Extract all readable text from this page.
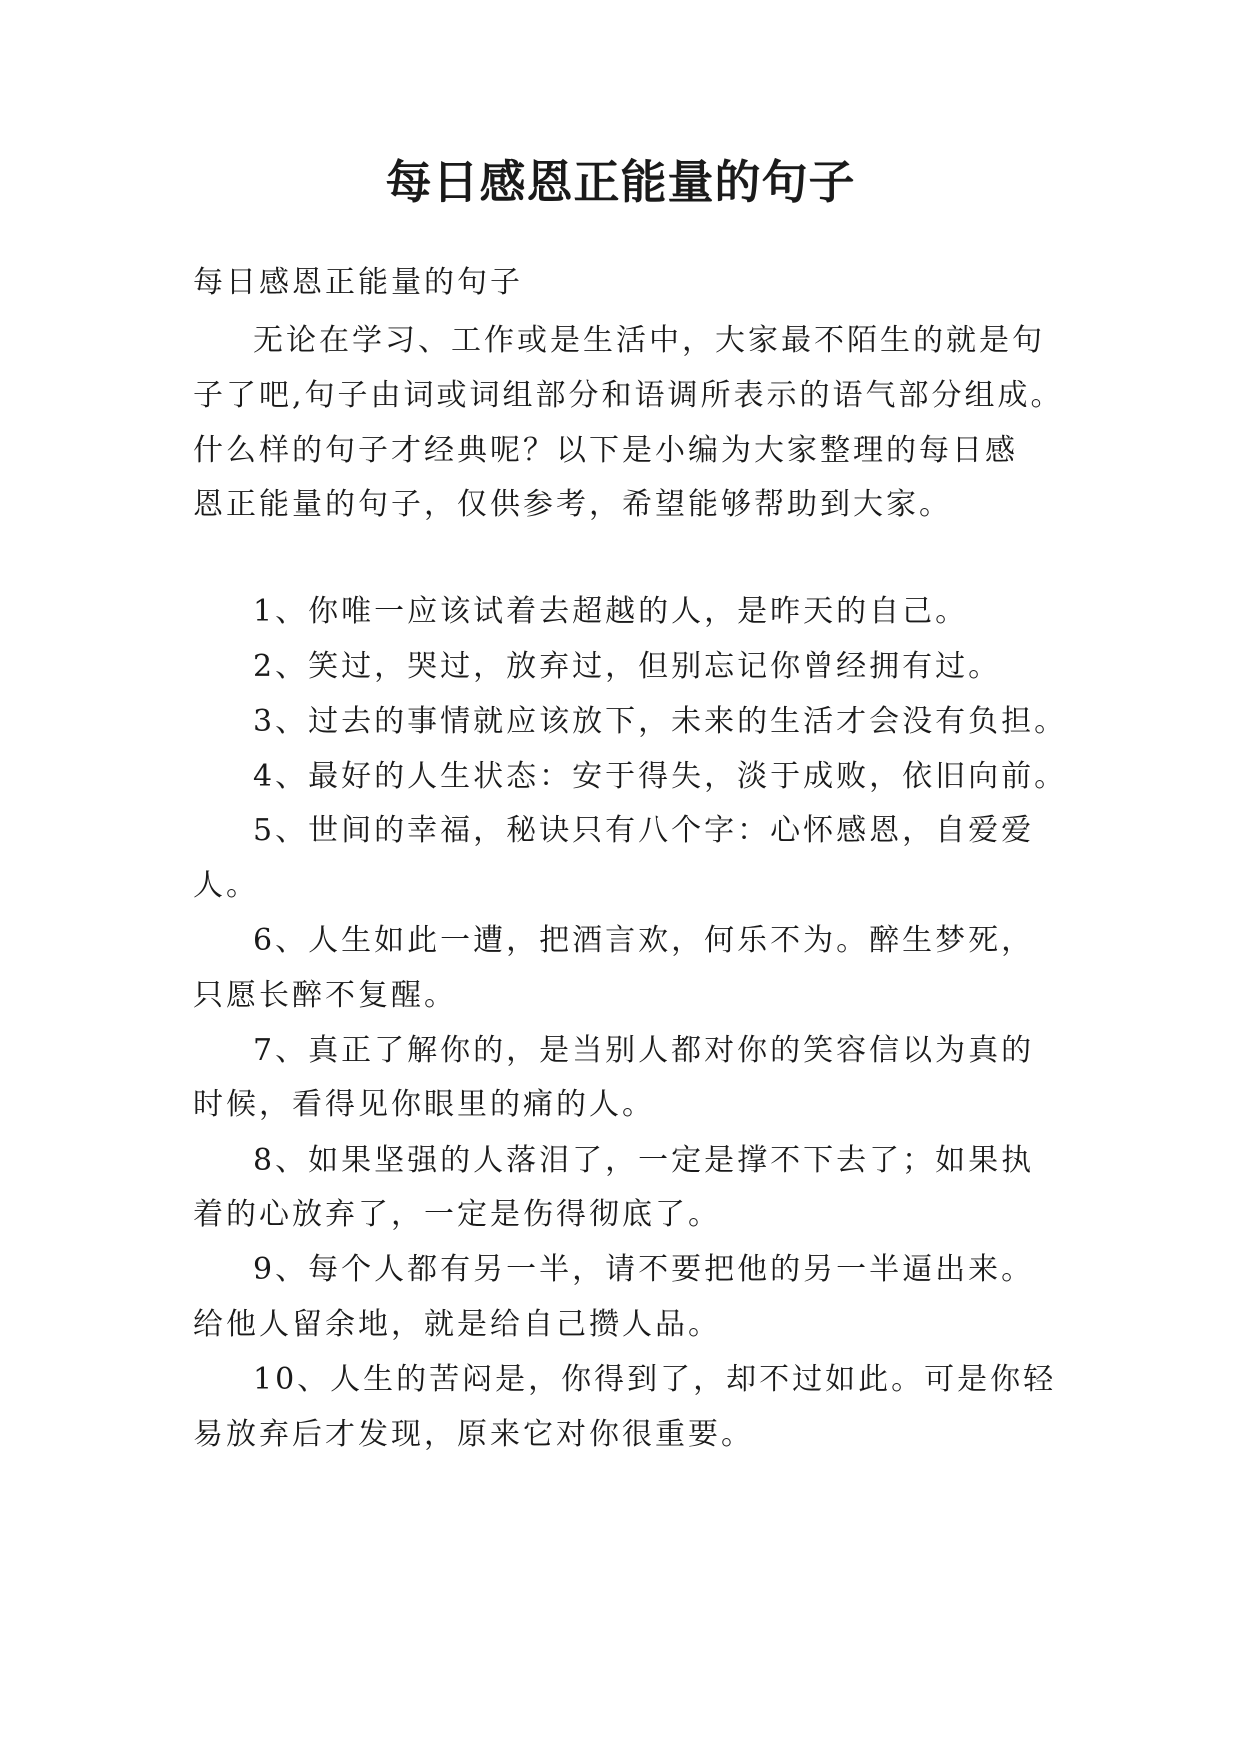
每日感恩正能量的句子

每日感恩正能量的句子

无论在学习、工作或是生活中，大家最不陌生的就是句

子了吧,句子由词或词组部分和语调所表示的语气部分组成。

什么样的句子才经典呢？以下是小编为大家整理的每日感

恩正能量的句子，仅供参考，希望能够帮助到大家。

1、你唯一应该试着去超越的人，是昨天的自己。

2、笑过，哭过，放弃过，但别忘记你曾经拥有过。

3、过去的事情就应该放下，未来的生活才会没有负担。

4、最好的人生状态：安于得失，淡于成败，依旧向前。

5、世间的幸福，秘诀只有八个字：心怀感恩，自爱爱

人。

6、人生如此一遭，把酒言欢，何乐不为。醉生梦死，

只愿长醉不复醒。

7、真正了解你的，是当别人都对你的笑容信以为真的

时候，看得见你眼里的痛的人。

8、如果坚强的人落泪了，一定是撑不下去了；如果执

着的心放弃了，一定是伤得彻底了。

9、每个人都有另一半，请不要把他的另一半逼出来。

给他人留余地，就是给自己攒人品。

10、人生的苦闷是，你得到了，却不过如此。可是你轻

易放弃后才发现，原来它对你很重要。
